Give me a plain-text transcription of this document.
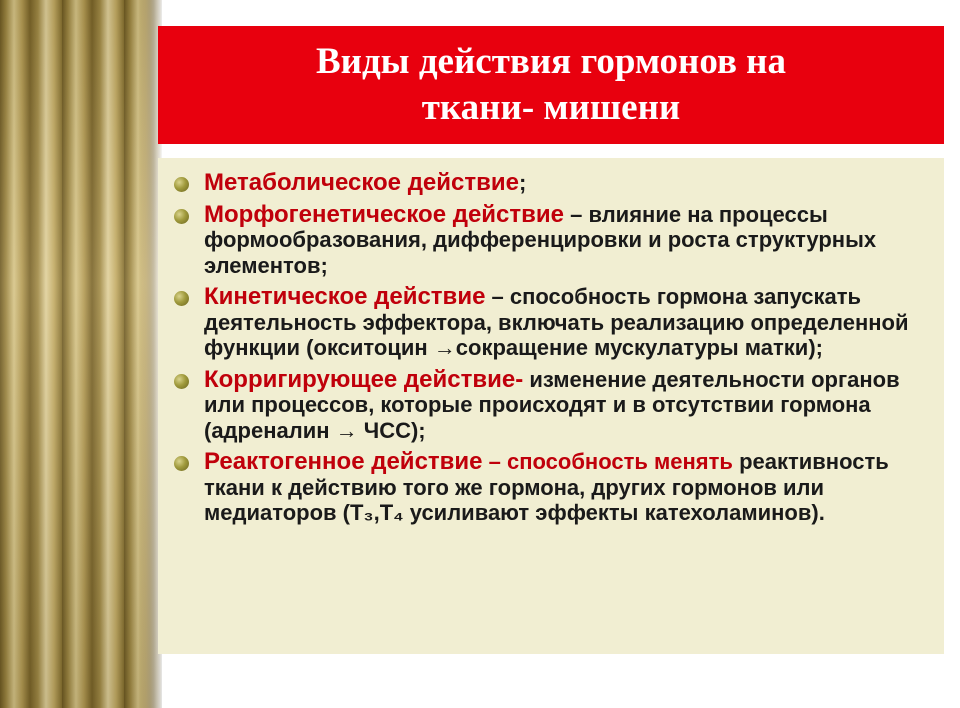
Виды действия гормонов на
ткани- мишени
Метаболическое действие;
Морфогенетическое действие – влияние на процессы формообразования, дифференцировки и роста структурных элементов;
Кинетическое действие – способность гормона запускать деятельность эффектора, включать реализацию определенной функции (окситоцин →сокращение мускулатуры матки);
Корригирующее действие- изменение деятельности органов или процессов, которые происходят и в отсутствии гормона (адреналин → ЧСС);
Реактогенное действие – способность менять реактивность ткани к действию того же гормона, других гормонов или медиаторов (Т₃,Т₄ усиливают эффекты катехоламинов).
